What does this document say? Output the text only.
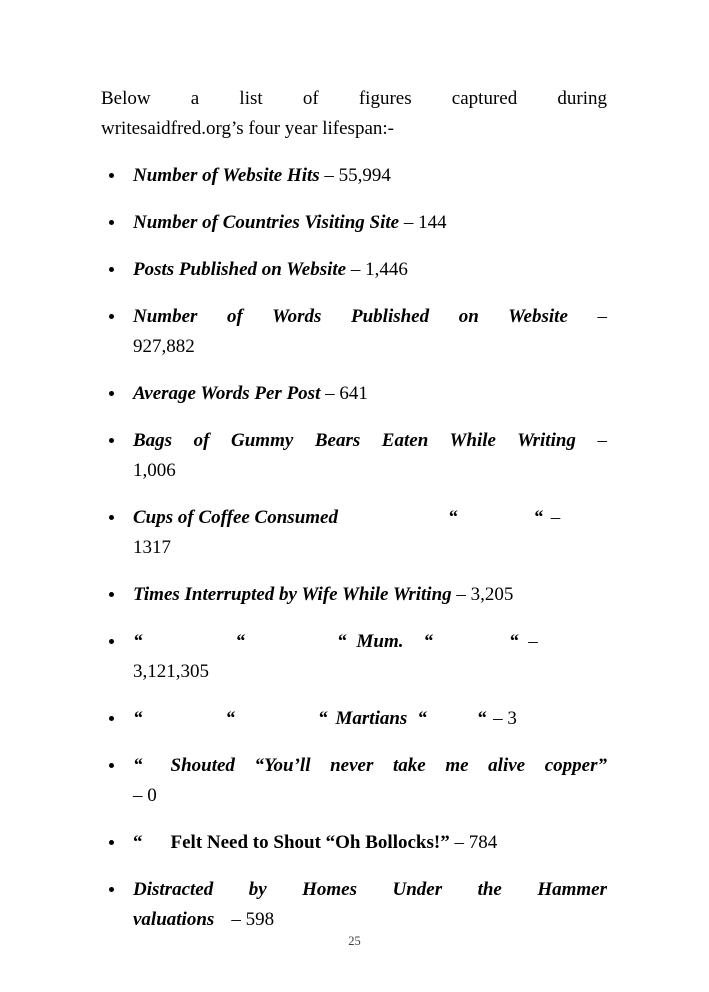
Below a list of figures captured during
writesaidfred.org’s four year lifespan:-
Number of Website Hits – 55,994
Number of Countries Visiting Site – 144
Posts Published on Website – 1,446
Number of Words Published on Website –
927,882
Average Words Per Post – 641
Bags of Gummy Bears Eaten While Writing –
1,006
Cups of Coffee Consumed	“	“ –
1317
Times Interrupted by Wife While Writing – 3,205
“	“	“ Mum. “	“ –
3,121,305
“	“	“ Martians “	“ – 3
“ Shouted “You’ll never take me alive copper”
– 0
“ Felt Need to Shout “Oh Bollocks!” – 784
Distracted by Homes Under the Hammer
valuations – 598
25
